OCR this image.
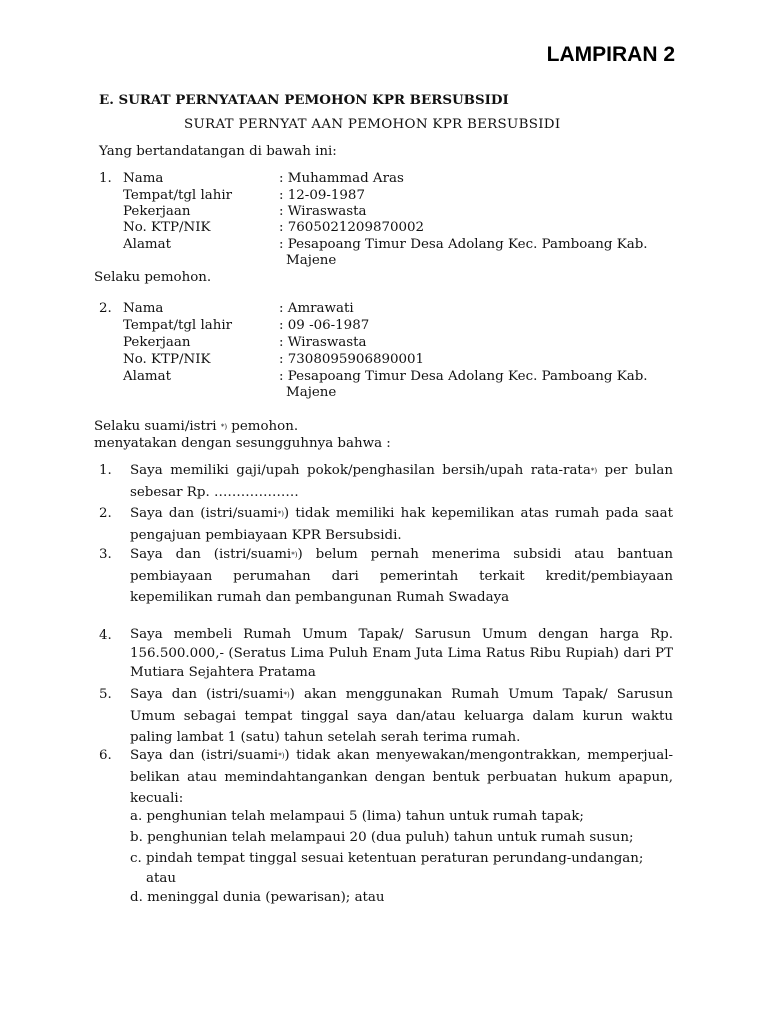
LAMPIRAN 2
E. SURAT PERNYATAAN PEMOHON KPR BERSUBSIDI
SURAT PERNYAT AAN PEMOHON KPR BERSUBSIDI
Yang bertandatangan di bawah ini:
1. Nama	: Muhammad Aras
Tempat/tgl lahir	: 12-09-1987
Pekerjaan	: Wiraswasta
No. KTP/NIK	: 7605021209870002
Alamat	: Pesapoang Timur Desa Adolang Kec. Pamboang Kab.
Majene
Selaku pemohon.
2. Nama	: Amrawati
Tempat/tgl lahir	: 09 -06-1987
Pekerjaan	: Wiraswasta
No. KTP/NIK	: 7308095906890001
Alamat	: Pesapoang Timur Desa Adolang Kec. Pamboang Kab.
Majene
Selaku suami/istri *) pemohon.
menyatakan dengan sesungguhnya bahwa :
1. Saya memiliki gaji/upah pokok/penghasilan bersih/upah rata-rata*) per bulan sebesar Rp. ……………….
2. Saya dan (istri/suami*)) tidak memiliki hak kepemilikan atas rumah pada saat pengajuan pembiayaan KPR Bersubsidi.
3. Saya dan (istri/suami*)) belum pernah menerima subsidi atau bantuan pembiayaan perumahan dari pemerintah terkait kredit/pembiayaan kepemilikan rumah dan pembangunan Rumah Swadaya
4. Saya membeli Rumah Umum Tapak/ Sarusun Umum dengan harga Rp. 156.500.000,- (Seratus Lima Puluh Enam Juta Lima Ratus Ribu Rupiah) dari PT Mutiara Sejahtera Pratama
5. Saya dan (istri/suami*)) akan menggunakan Rumah Umum Tapak/ Sarusun Umum sebagai tempat tinggal saya dan/atau keluarga dalam kurun waktu paling lambat 1 (satu) tahun setelah serah terima rumah.
6. Saya dan (istri/suami*)) tidak akan menyewakan/mengontrakkan, memperjual-belikan atau memindahtangankan dengan bentuk perbuatan hukum apapun, kecuali:
a. penghunian telah melampaui 5 (lima) tahun untuk rumah tapak;
b. penghunian telah melampaui 20 (dua puluh) tahun untuk rumah susun;
c. pindah tempat tinggal sesuai ketentuan peraturan perundang-undangan;
atau
d. meninggal dunia (pewarisan); atau
